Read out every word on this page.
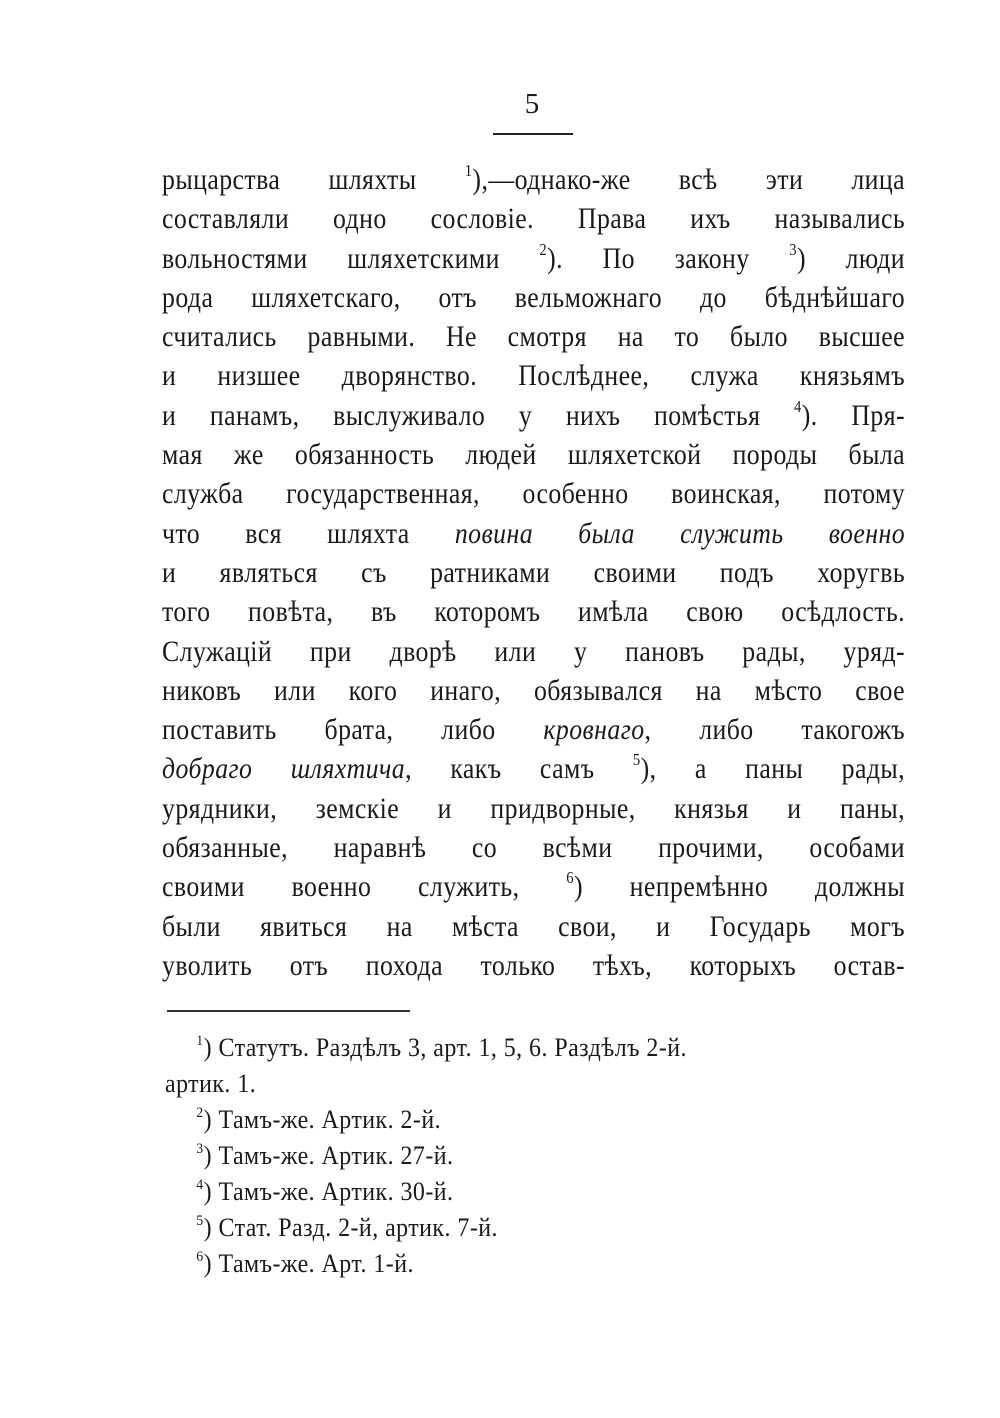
5
рыцарства шляхты $^1$),—однако-же всѣ эти лица
составляли одно сословіе. Права ихъ назывались
вольностями шляхетскими $^2$). По закону $^3$) люди
рода шляхетскаго, отъ вельможнаго до бѣднѣйшаго
считались равными. Не смотря на то было высшее
и низшее дворянство. Послѣднее, служа князьямъ
и панамъ, выслуживало у нихъ помѣстья $^4$). Пря-
мая же обязанность людей шляхетской породы была
служба государственная, особенно воинская, потому
что вся шляхта повина была служить военно
и являться съ ратниками своими подъ хоругвь
того повѣта, въ которомъ имѣла свою осѣдлость.
Служацій при дворѣ или у пановъ рады, уряд-
никовъ или кого инаго, обязывался на мѣсто свое
поставить брата, либо кровнаго, либо такогожъ
добраго шляхтича, какъ самъ $^5$), а паны рады,
урядники, земскіе и придворные, князья и паны,
обязанные, наравнѣ со всѣми прочими, особами
своими военно служить, $^6$) непремѣнно должны
были явиться на мѣста свои, и Государь могъ
уволить отъ похода только тѣхъ, которыхъ остав-
$^1$) Статутъ. Раздѣлъ 3, арт. 1, 5, 6. Раздѣлъ 2-й.
артик. 1.
$^2$) Тамъ-же. Артик. 2-й.
$^3$) Тамъ-же. Артик. 27-й.
$^4$) Тамъ-же. Артик. 30-й.
$^5$) Стат. Разд. 2-й, артик. 7-й.
$^6$) Тамъ-же. Арт. 1-й.
